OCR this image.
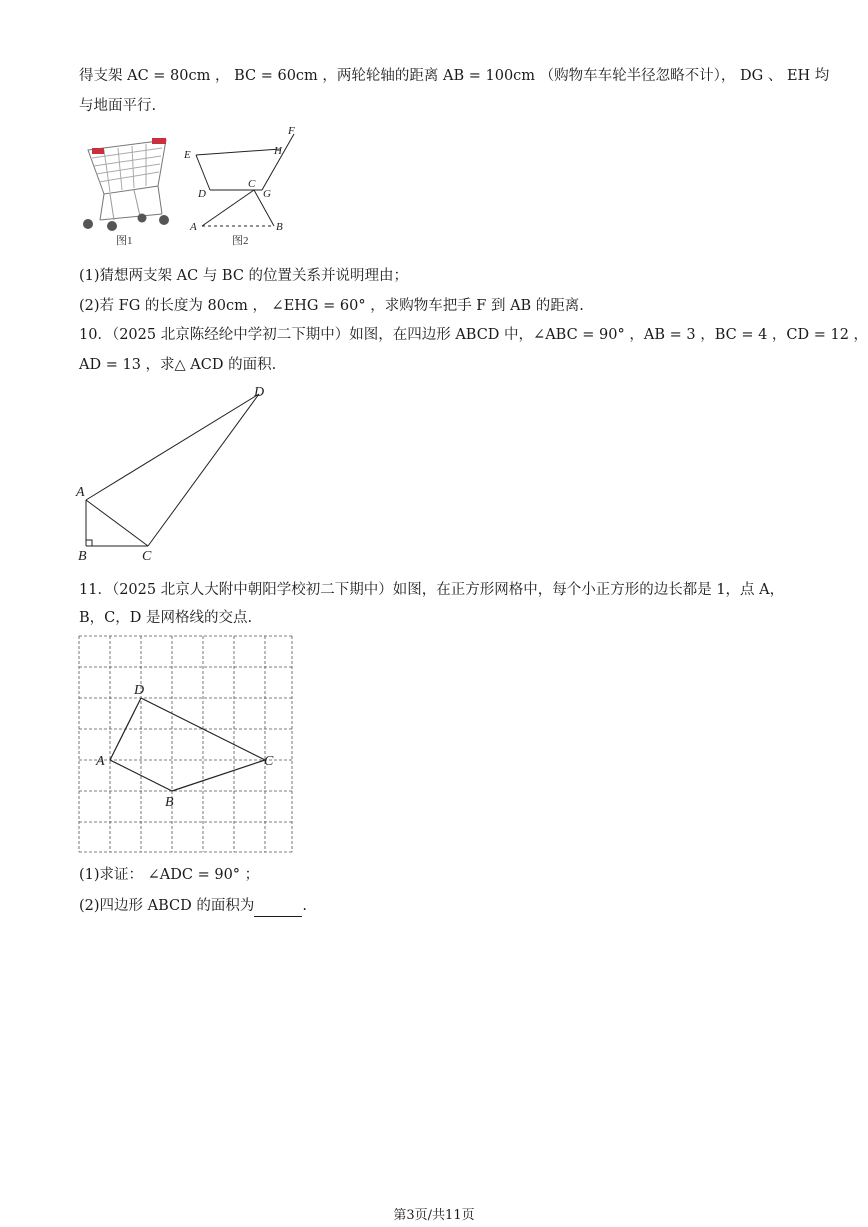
得支架 AC = 80cm ， BC = 60cm ，两轮轮轴的距离 AB = 100cm （购物车车轮半径忽略不计）， DG 、 EH 均
与地面平行.
图1
E
F
H
D
C
G
A	B
图2
(1)猜想两支架 AC 与 BC 的位置关系并说明理由；
(2)若 FG 的长度为 80cm ， ∠EHG = 60° ，求购物车把手 F 到 AB 的距离.
10．（2025 北京陈经纶中学初二下期中）如图，在四边形 ABCD 中，∠ABC = 90° ，AB = 3 ，BC = 4 ，CD = 12 ，
AD = 13 ，求△ ACD 的面积.
A
B	C
D
11．（2025 北京人大附中朝阳学校初二下期中）如图，在正方形网格中，每个小正方形的边长都是 1，点 A，
B，C，D 是网格线的交点.
A
B
C
D
(1)求证： ∠ADC = 90° ；
(2)四边形 ABCD 的面积为	.
第3页/共11页
